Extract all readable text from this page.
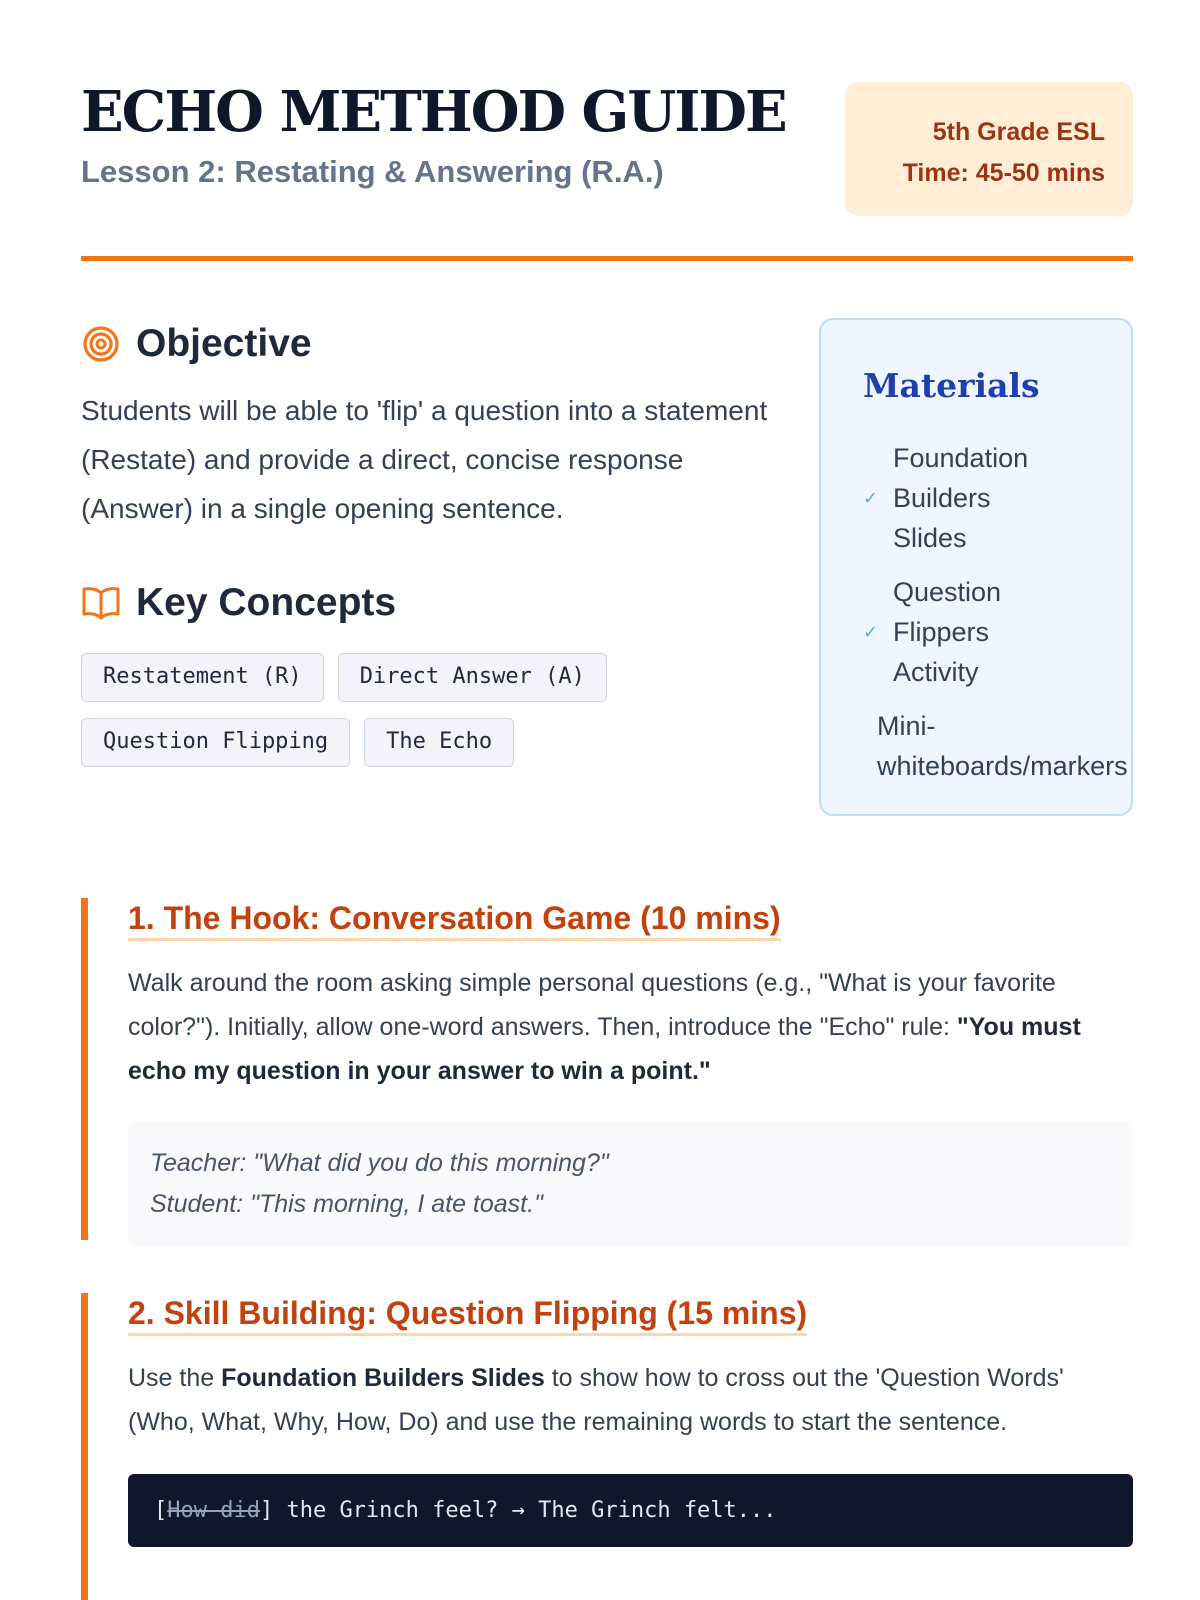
ECHO METHOD GUIDE
Lesson 2: Restating & Answering (R.A.)
5th Grade ESL
Time: 45-50 mins
Objective

Students will be able to 'flip' a question into a statement (Restate) and provide a direct, concise response (Answer) in a single opening sentence.

Key Concepts
Restatement (R)	Direct Answer (A)
Question Flipping	The Echo
Materials
✓
Foundation Builders Slides
✓
Question Flippers Activity
Mini-whiteboards/markers
1. The Hook: Conversation Game (10 mins)

Walk around the room asking simple personal questions (e.g., "What is your favorite color?"). Initially, allow one-word answers. Then, introduce the "Echo" rule: "You must echo my question in your answer to win a point."

Teacher: "What did you do this morning?"
Student: "This morning, I ate toast."
2. Skill Building: Question Flipping (15 mins)

Use the Foundation Builders Slides to show how to cross out the 'Question Words' (Who, What, Why, How, Do) and use the remaining words to start the sentence.

[How did] the Grinch feel? → The Grinch felt...
